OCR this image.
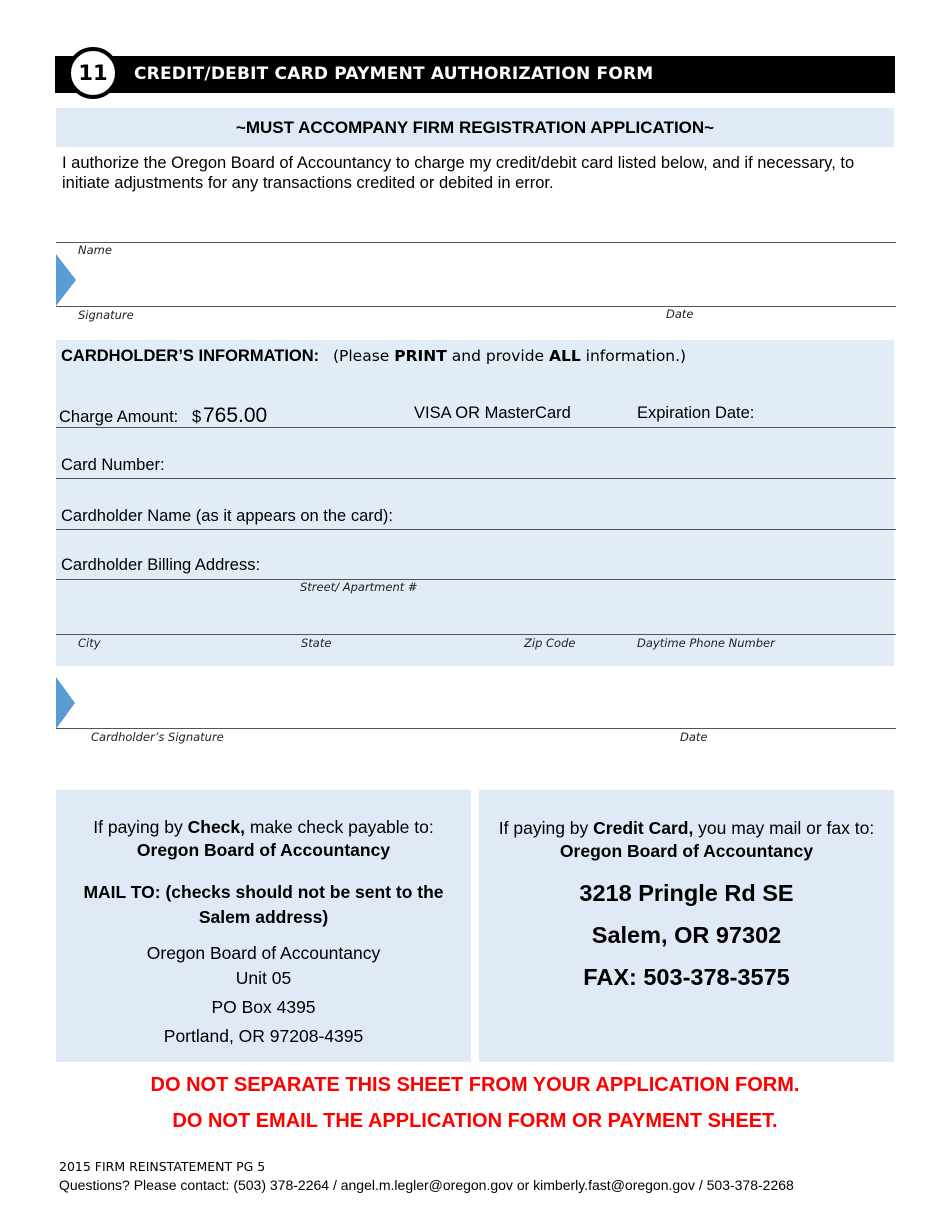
11 CREDIT/DEBIT CARD PAYMENT AUTHORIZATION FORM
~MUST ACCOMPANY FIRM REGISTRATION APPLICATION~
I authorize the Oregon Board of Accountancy to charge my credit/debit card listed below, and if necessary, to initiate adjustments for any transactions credited or debited in error.
Name
Signature	Date
CARDHOLDER’S INFORMATION: (Please PRINT and provide ALL information.)
Charge Amount: $ 765.00	VISA OR MasterCard	Expiration Date:
Card Number:
Cardholder Name (as it appears on the card):
Cardholder Billing Address:
Street/ Apartment #
City	State	Zip Code	Daytime Phone Number
Cardholder’s Signature	Date
If paying by Check, make check payable to:
Oregon Board of Accountancy
MAIL TO: (checks should not be sent to the Salem address)
Oregon Board of Accountancy
Unit 05
PO Box 4395
Portland, OR 97208-4395
If paying by Credit Card, you may mail or fax to:
Oregon Board of Accountancy
3218 Pringle Rd SE
Salem, OR 97302
FAX: 503-378-3575
DO NOT SEPARATE THIS SHEET FROM YOUR APPLICATION FORM.
DO NOT EMAIL THE APPLICATION FORM OR PAYMENT SHEET.
2015 FIRM REINSTATEMENT PG 5
Questions? Please contact: (503) 378-2264 / angel.m.legler@oregon.gov or kimberly.fast@oregon.gov / 503-378-2268
